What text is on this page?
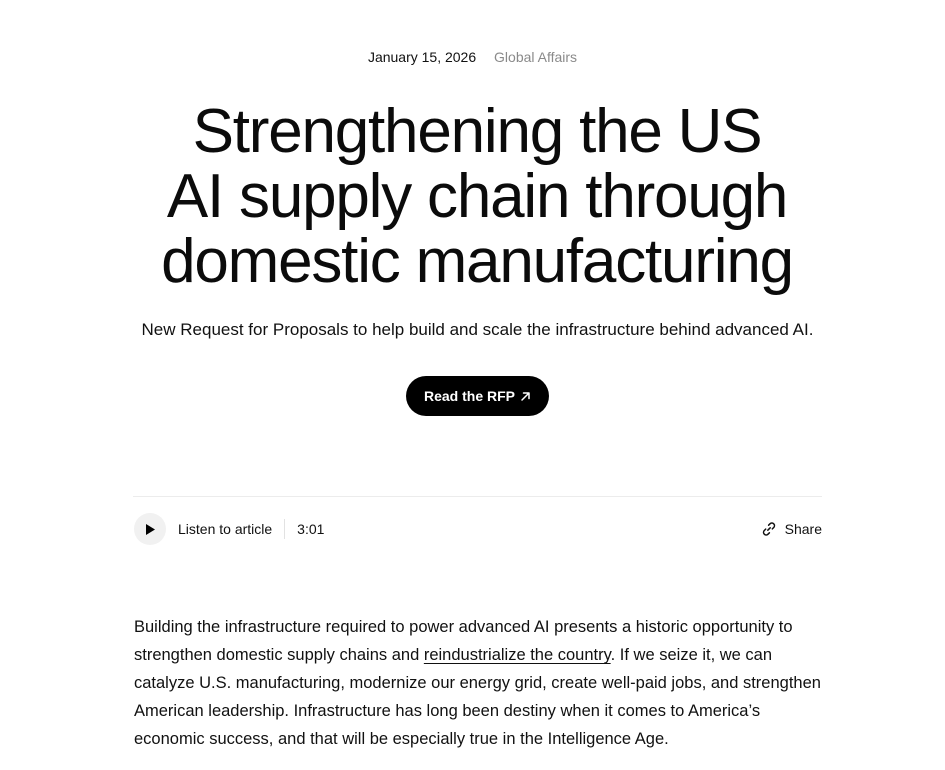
January 15, 2026 Global Affairs
Strengthening the US
AI supply chain through
domestic manufacturing

New Request for Proposals to help build and scale the infrastructure behind advanced AI.

Read the RFP
Listen to article 3:01	Share

Building the infrastructure required to power advanced AI presents a historic opportunity to strengthen domestic supply chains and reindustrialize the country. If we seize it, we can catalyze U.S. manufacturing, modernize our energy grid, create well-paid jobs, and strengthen American leadership. Infrastructure has long been destiny when it comes to America’s economic success, and that will be especially true in the Intelligence Age.
